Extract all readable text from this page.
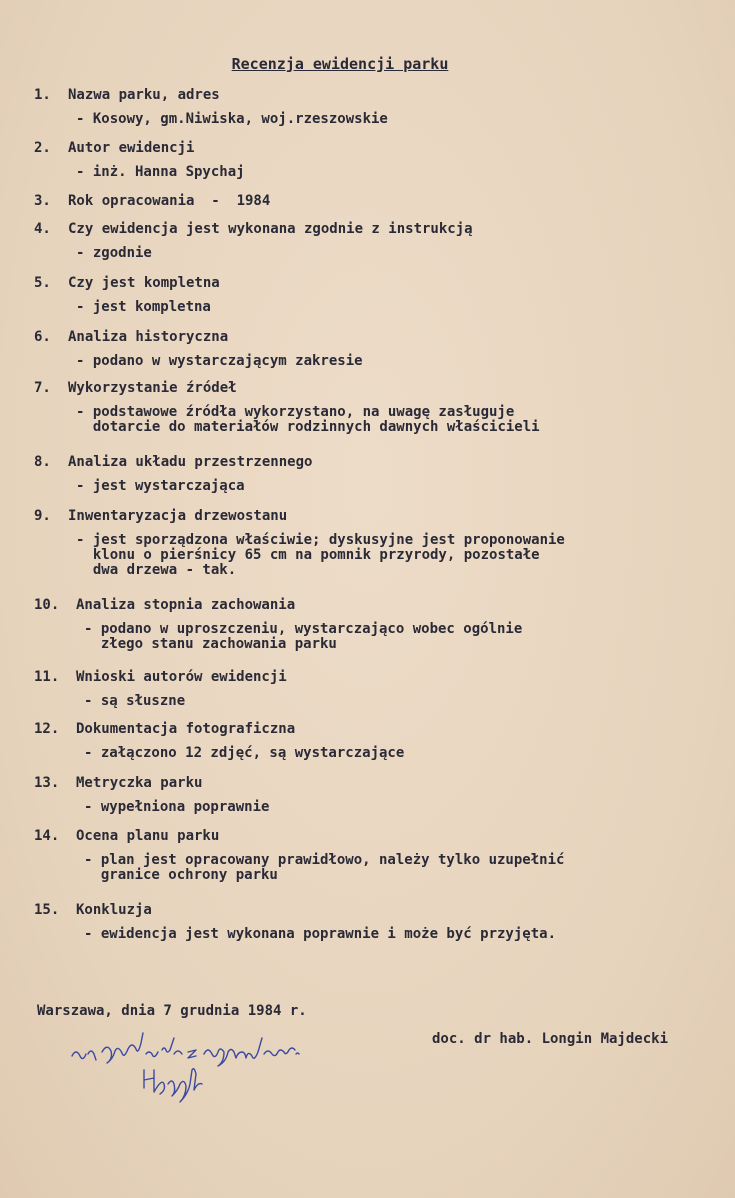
Recenzja ewidencji parku
1.	Nazwa parku, adres
- Kosowy, gm.Niwiska, woj.rzeszowskie
2.	Autor ewidencji
- inż. Hanna Spychaj
3.	Rok opracowania  -  1984
4.	Czy ewidencja jest wykonana zgodnie z instrukcją
- zgodnie
5.	Czy jest kompletna
- jest kompletna
6.	Analiza historyczna
- podano w wystarczającym zakresie
7.	Wykorzystanie źródeł
- podstawowe źródła wykorzystano, na uwagę zasługuje
dotarcie do materiałów rodzinnych dawnych właścicieli
8.	Analiza układu przestrzennego
- jest wystarczająca
9.	Inwentaryzacja drzewostanu
- jest sporządzona właściwie; dyskusyjne jest proponowanie
klonu o pierśnicy 65 cm na pomnik przyrody, pozostałe
dwa drzewa - tak.
10.	Analiza stopnia zachowania
- podano w uproszczeniu, wystarczająco wobec ogólnie
złego stanu zachowania parku
11.	Wnioski autorów ewidencji
- są słuszne
12.	Dokumentacja fotograficzna
- załączono 12 zdjęć, są wystarczające
13.	Metryczka parku
- wypełniona poprawnie
14.	Ocena planu parku
- plan jest opracowany prawidłowo, należy tylko uzupełnić
granice ochrony parku
15.	Konkluzja
- ewidencja jest wykonana poprawnie i może być przyjęta.
Warszawa, dnia 7 grudnia 1984 r.
doc. dr hab. Longin Majdecki
